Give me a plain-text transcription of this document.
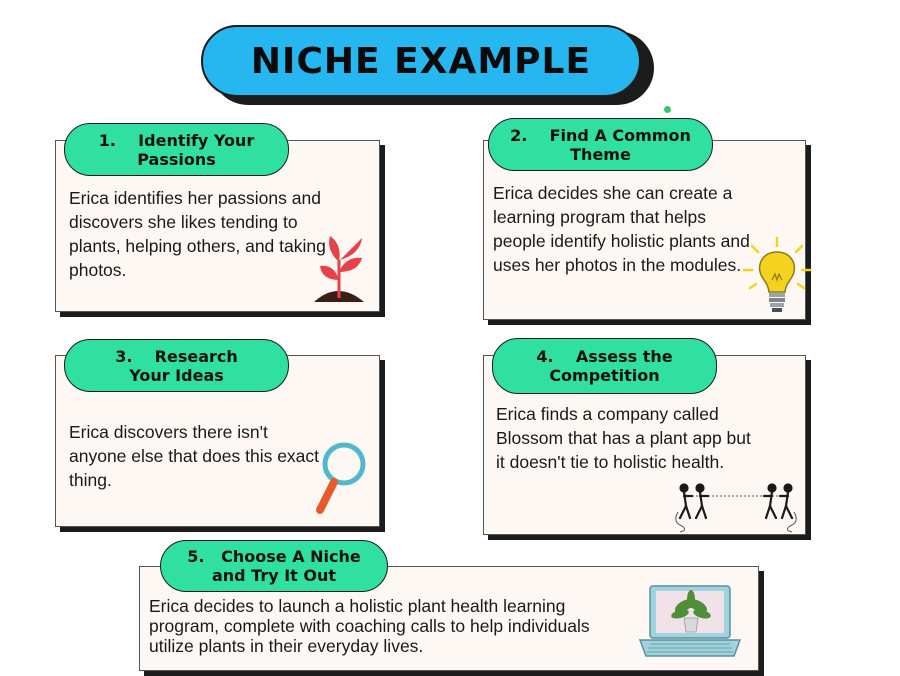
NICHE EXAMPLE
Erica identifies her passions and discovers she likes tending to plants, helping others, and taking photos.
1.    Identify Your
Passions
Erica decides she can create a learning program that helps people identify holistic plants and uses her photos in the modules.
2.    Find A Common
Theme
Erica discovers there isn't anyone else that does this exact thing.
3.    Research
Your Ideas
Erica finds a company called Blossom that has a plant app but it doesn't tie to holistic health.
4.    Assess the
Competition
Erica decides to launch a holistic plant health learning program, complete with coaching calls to help individuals utilize plants in their everyday lives.
5.   Choose A Niche
and Try It Out
